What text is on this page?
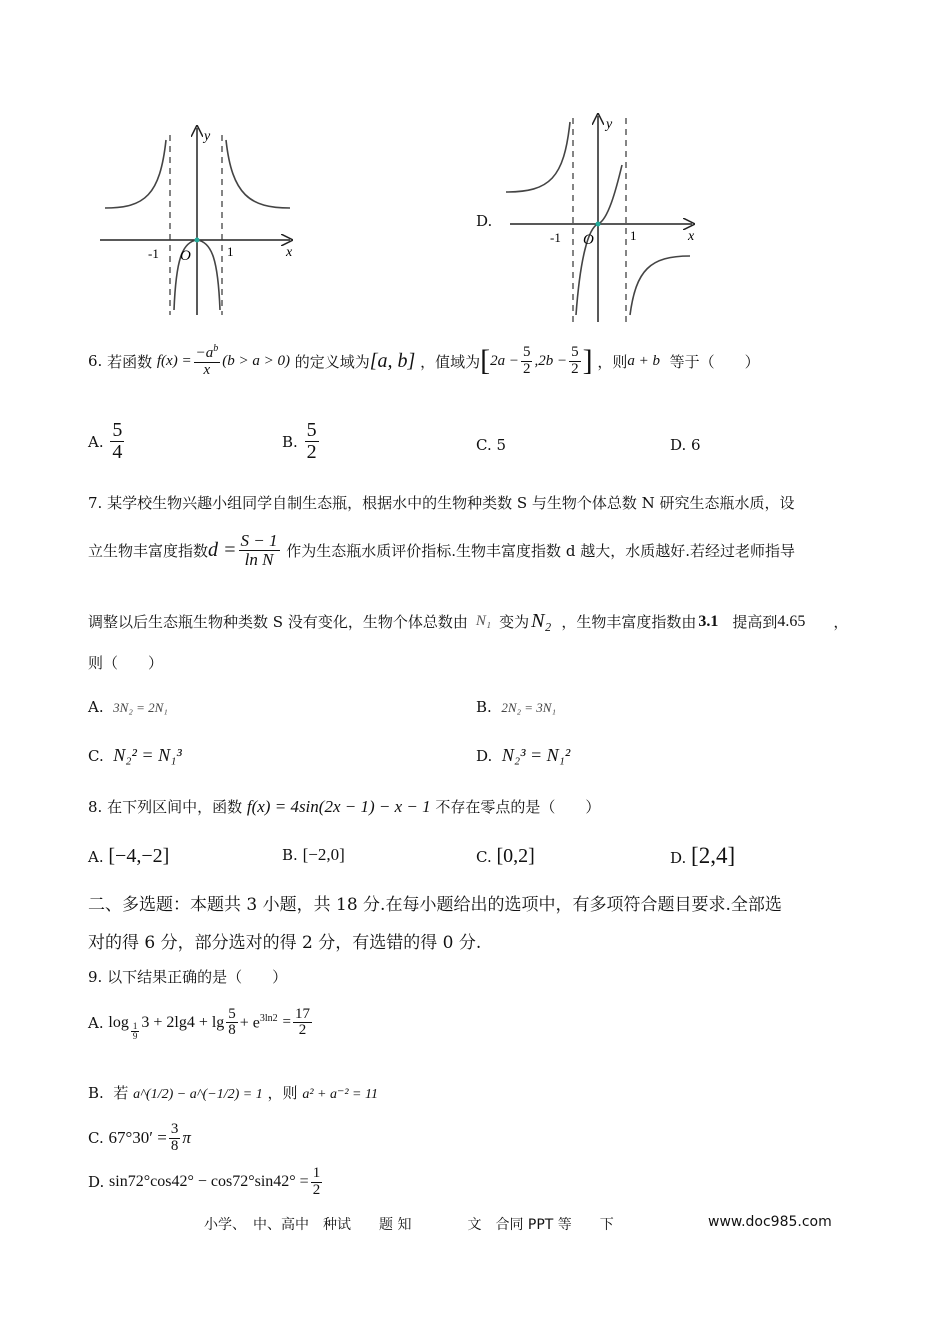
y
x
-1	1
O
D.
y
x
-1	1
O
6.
若函数
$f(x) = \frac{-a^b}{x} (b > a > 0)$
的定义域为 [a, b]
，值域为 [ $2a - \frac{5}{2} ,2b - \frac{5}{2}$ ]
，则 a + b
等于（　　）
A.
$\frac{5}{4}$	B.
$\frac{5}{2}$	C. 5	D. 6
7. 某学校生物兴趣小组同学自制生态瓶，根据水中的生物种类数 S 与生物个体总数 N 研究生态瓶水质，设
立生物丰富度指数 $d = \frac{S - 1}{\text{ln N}}$
作为生态瓶水质评价指标.生物丰富度指数 d 越大，水质越好.若经过老师指导
调整以后生态瓶生物种类数 S 没有变化，生物个体总数由 N₁ 变为 N₂ ，生物丰富度指数由 3.1 提高到 4.65 ，
则（　　）
A. 3N₂ = 2N₁	B. 2N₂ = 3N₁
C. N₂² = N₁³	D. N₂³ = N₁²
8. 在下列区间中，函数 f(x) = 4sin(2x − 1) − x − 1 不存在零点的是（　　）
A. [−4,−2]	B. [−2,0]	C. [0,2]	D. [2,4]
二、多选题：本题共 3 小题，共 18 分.在每小题给出的选项中，有多项符合题目要求.全部选
对的得 6 分，部分选对的得 2 分，有选错的得 0 分.
9. 以下结果正确的是（　　）
A.
$\log \frac{1}{9} 3 + 2\lg 4 + \lg \frac{5}{8} + e^{3ln2}$
= $\frac{17}{2}$
B. 若 a^(1/2) − a^(−1/2) = 1 ，则 a² + a⁻² = 11
C.
$67^\circ 30' = \frac{3}{8}$ π
D.
$\sin 72^\circ\cos 42^\circ - \cos 72^\circ\sin 42^\circ = \frac{1}{2}$
小学、　中、高中　种试　　题 知　　　　文　合同 PPT 等　　下	www.doc985.com
